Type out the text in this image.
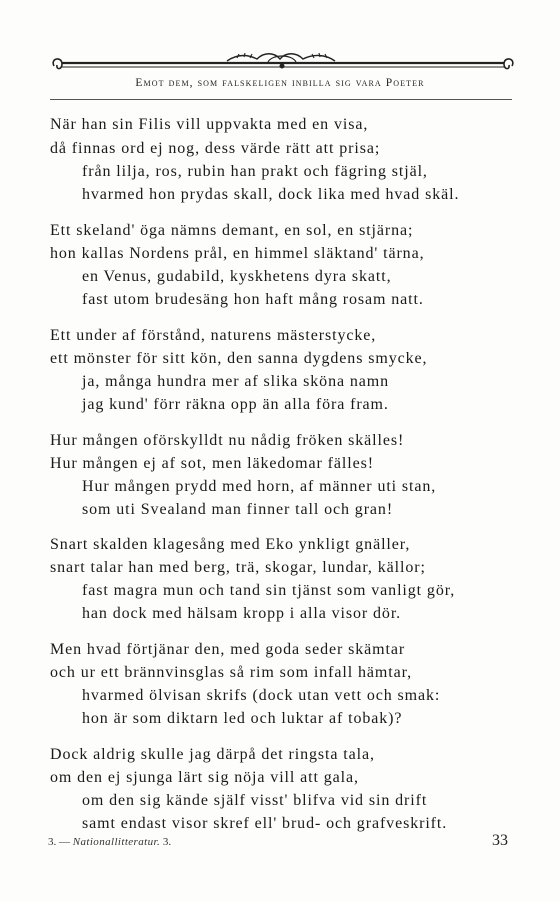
Emot dem, som falskeligen inbilla sig vara Poeter
När han sin Filis vill uppvakta med en visa,
då finnas ord ej nog, dess värde rätt att prisa;
från lilja, ros, rubin han prakt och fägring stjäl,
hvarmed hon prydas skall, dock lika med hvad skäl.
Ett skeland' öga nämns demant, en sol, en stjärna;
hon kallas Nordens prål, en himmel släktand' tärna,
en Venus, gudabild, kyskhetens dyra skatt,
fast utom brudesäng hon haft mång rosam natt.
Ett under af förstånd, naturens mästerstycke,
ett mönster för sitt kön, den sanna dygdens smycke,
ja, många hundra mer af slika sköna namn
jag kund' förr räkna opp än alla föra fram.
Hur mången oförskylldt nu nådig fröken skälles!
Hur mången ej af sot, men läkedomar fälles!
Hur mången prydd med horn, af männer uti stan,
som uti Svealand man finner tall och gran!
Snart skalden klagesång med Eko ynkligt gnäller,
snart talar han med berg, trä, skogar, lundar, källor;
fast magra mun och tand sin tjänst som vanligt gör,
han dock med hälsam kropp i alla visor dör.
Men hvad förtjänar den, med goda seder skämtar
och ur ett brännvinsglas så rim som infall hämtar,
hvarmed ölvisan skrifs (dock utan vett och smak:
hon är som diktarn led och luktar af tobak)?
Dock aldrig skulle jag därpå det ringsta tala,
om den ej sjunga lärt sig nöja vill att gala,
om den sig kände själf visst' blifva vid sin drift
samt endast visor skref ell' brud- och grafveskrift.
3. — Nationallitteratur. 3.	33
